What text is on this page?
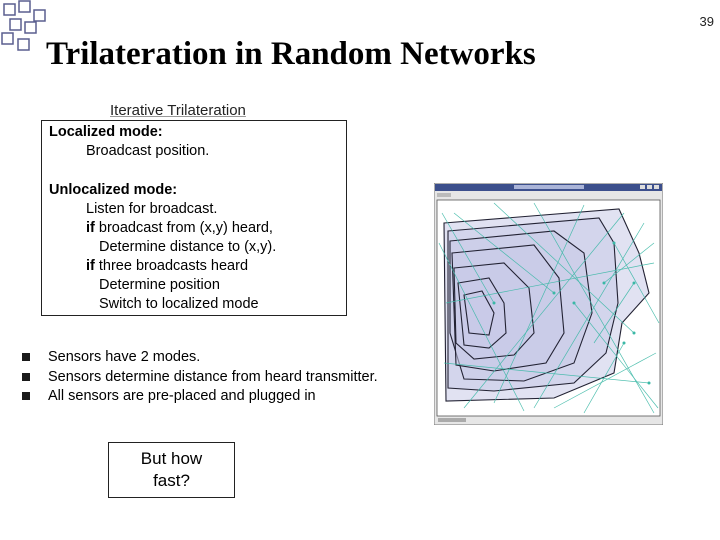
39
Trilateration in Random Networks
Iterative Trilateration
Localized mode:
Broadcast position.
Unlocalized mode:
Listen for broadcast.
if broadcast from (x,y) heard,
Determine distance to (x,y).
if three broadcasts heard
Determine position
Switch to localized mode
Sensors have 2 modes.
Sensors determine distance from heard transmitter.
All sensors are pre-placed and plugged in
But how
fast?
